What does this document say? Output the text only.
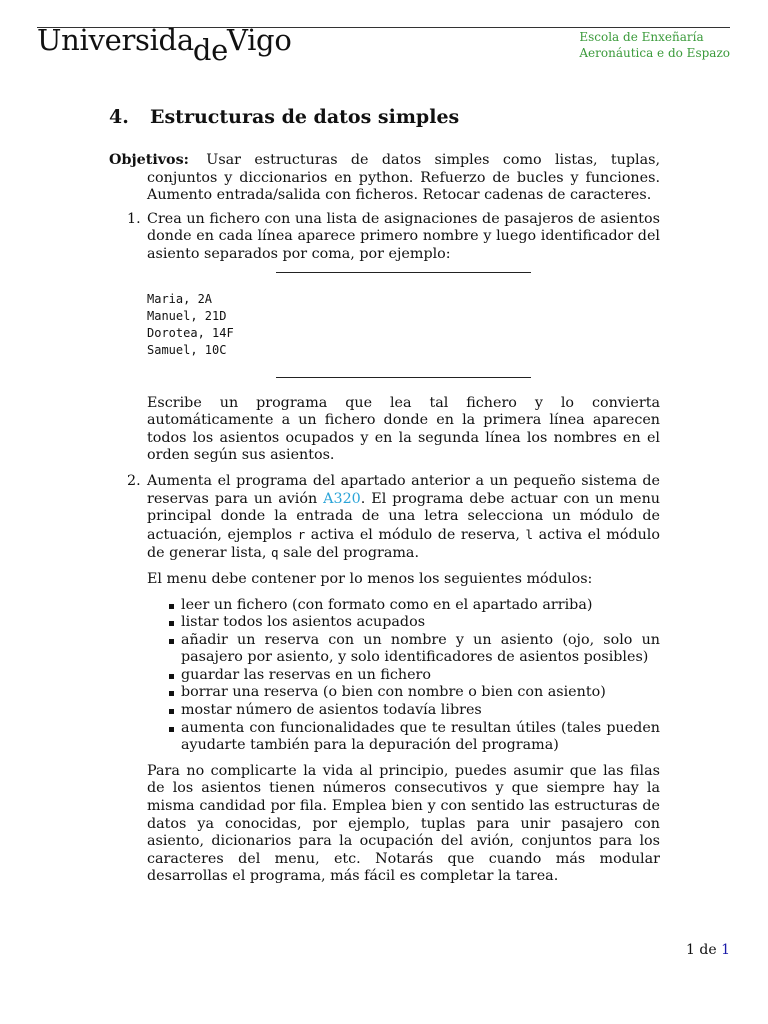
UniversidadeVigo	Escola de Enxeñaría
Aeronáutica e do Espazo
4. Estructuras de datos simples

Objetivos: Usar estructuras de datos simples como listas, tuplas, conjuntos y diccionarios en python. Refuerzo de bucles y funciones. Aumento entrada/salida con ficheros. Retocar cadenas de caracteres.

1. Crea un fichero con una lista de asignaciones de pasajeros de asientos donde en cada línea aparece primero nombre y luego identificador del asiento separados por coma, por ejemplo:

Maria, 2A
Manuel, 21D
Dorotea, 14F
Samuel, 10C

Escribe un programa que lea tal fichero y lo convierta automáticamente a un fichero donde en la primera línea aparecen todos los asientos ocupados y en la segunda línea los nombres en el orden según sus asientos.

2. Aumenta el programa del apartado anterior a un pequeño sistema de reservas para un avión A320. El programa debe actuar con un menu principal donde la entrada de una letra selecciona un módulo de actuación, ejemplos r activa el módulo de reserva, l activa el módulo de generar lista, q sale del programa.

El menu debe contener por lo menos los seguientes módulos:

leer un fichero (con formato como en el apartado arriba)
listar todos los asientos acupados
añadir un reserva con un nombre y un asiento (ojo, solo un pasajero por asiento, y solo identificadores de asientos posibles)
guardar las reservas en un fichero
borrar una reserva (o bien con nombre o bien con asiento)
mostar número de asientos todavía libres
aumenta con funcionalidades que te resultan útiles (tales pueden ayudarte también para la depuración del programa)

Para no complicarte la vida al principio, puedes asumir que las filas de los asientos tienen números consecutivos y que siempre hay la misma candidad por fila. Emplea bien y con sentido las estructuras de datos ya conocidas, por ejemplo, tuplas para unir pasajero con asiento, dicionarios para la ocupación del avión, conjuntos para los caracteres del menu, etc. Notarás que cuando más modular desarrollas el programa, más fácil es completar la tarea.

1 de 1
